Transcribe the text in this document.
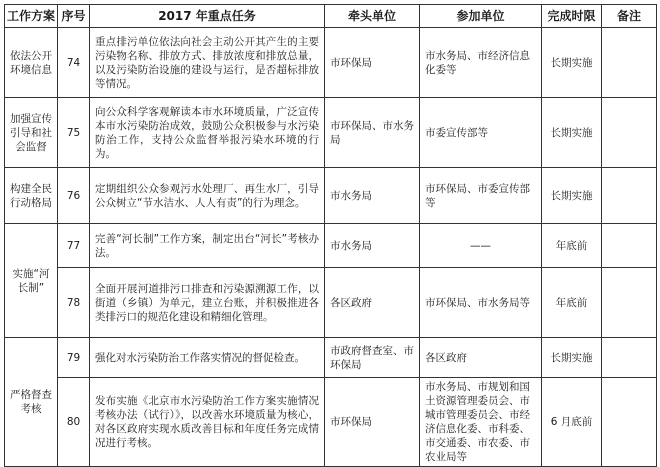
工作方案	序号	2017 年重点任务	牵头单位	参加单位	完成时限	备注
依法公开环境信息	74	重点排污单位依法向社会主动公开其产生的主要污染物名称、排放方式、排放浓度和排放总量，以及污染防治设施的建设与运行，是否超标排放等情况。	市环保局	市水务局、市经济信息化委等	长期实施	
加强宣传引导和社会监督	75	向公众科学客观解读本市水环境质量，广泛宣传本市水污染防治成效，鼓励公众积极参与水污染防治工作，支持公众监督举报污染水环境的行为。	市环保局、市水务局	市委宣传部等	长期实施	
构建全民行动格局	76	定期组织公众参观污水处理厂、再生水厂，引导公众树立“节水洁水、人人有责”的行为理念。	市水务局	市环保局、市委宣传部等	长期实施	
实施“河长制”	77	完善“河长制”工作方案，制定出台“河长”考核办法。	市水务局	——	年底前	
	78	全面开展河道排污口排查和污染源溯源工作，以街道（乡镇）为单元，建立台账，并积极推进各类排污口的规范化建设和精细化管理。	各区政府	市环保局、市水务局等	年底前	
严格督查考核	79	强化对水污染防治工作落实情况的督促检查。	市政府督查室、市环保局	各区政府	长期实施	
	80	发布实施《北京市水污染防治工作方案实施情况考核办法（试行）》，以改善水环境质量为核心，对各区政府实现水质改善目标和年度任务完成情况进行考核。	市环保局	市水务局、市规划和国土资源管理委员会、市城市管理委员会、市经济信息化委、市科委、市交通委、市农委、市农业局等	6 月底前	
